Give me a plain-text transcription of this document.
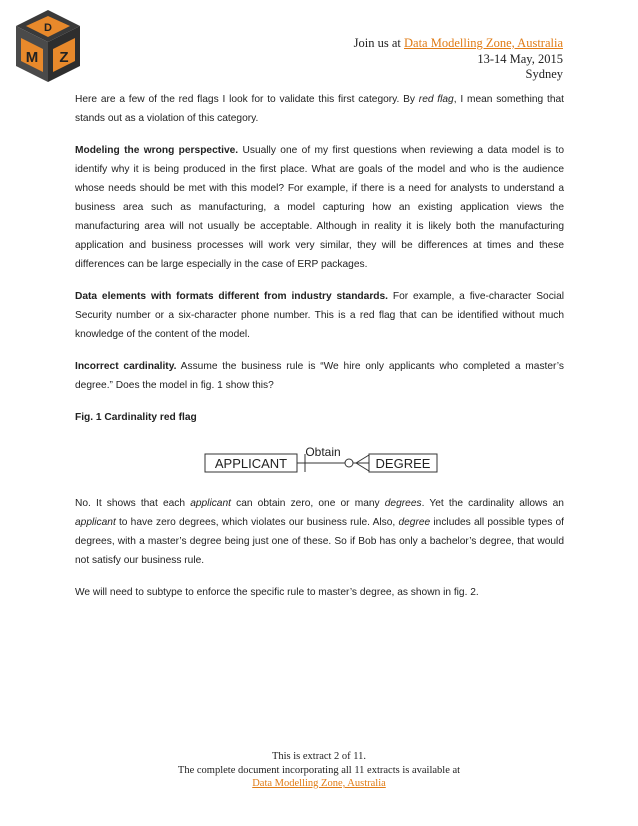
D
M Z
Join us at Data Modelling Zone, Australia
13-14 May, 2015
Sydney

Here are a few of the red flags I look for to validate this first category. By red flag, I mean something that stands out as a violation of this category.

Modeling the wrong perspective. Usually one of my first questions when reviewing a data model is to identify why it is being produced in the first place. What are goals of the model and who is the audience whose needs should be met with this model? For example, if there is a need for analysts to understand a business area such as manufacturing, a model capturing how an existing application views the manufacturing area will not usually be acceptable. Although in reality it is likely both the manufacturing application and business processes will work very similar, they will be differences at times and these differences can be large especially in the case of ERP packages.

Data elements with formats different from industry standards. For example, a five-character Social Security number or a six-character phone number. This is a red flag that can be identified without much knowledge of the content of the model.

Incorrect cardinality. Assume the business rule is “We hire only applicants who completed a master’s degree.” Does the model in fig. 1 show this?

Fig. 1 Cardinality red flag

APPLICANT	DEGREE
Obtain

No. It shows that each applicant can obtain zero, one or many degrees. Yet the cardinality allows an applicant to have zero degrees, which violates our business rule. Also, degree includes all possible types of degrees, with a master’s degree being just one of these. So if Bob has only a bachelor’s degree, that would not satisfy our business rule.

We will need to subtype to enforce the specific rule to master’s degree, as shown in fig. 2.

This is extract 2 of 11.
The complete document incorporating all 11 extracts is available at
Data Modelling Zone, Australia
